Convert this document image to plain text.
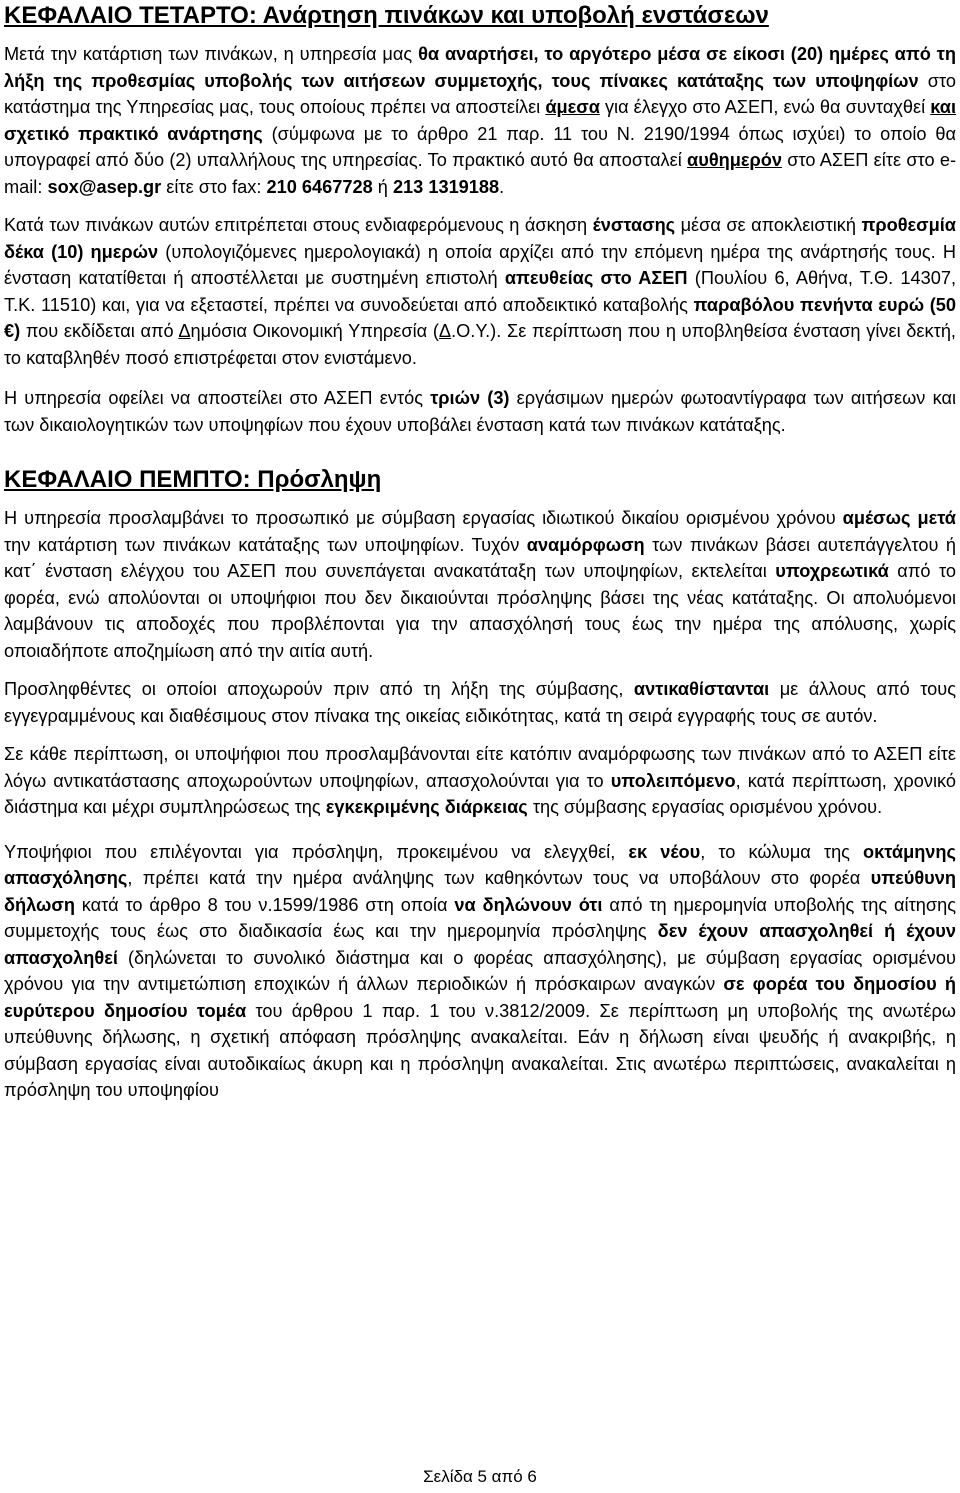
ΚΕΦΑΛΑΙΟ ΤΕΤΑΡΤΟ: Ανάρτηση πινάκων και υποβολή ενστάσεων

Μετά την κατάρτιση των πινάκων, η υπηρεσία μας θα αναρτήσει, το αργότερο μέσα σε είκοσι (20) ημέρες από τη λήξη της προθεσμίας υποβολής των αιτήσεων συμμετοχής, τους πίνακες κατάταξης των υποψηφίων στο κατάστημα της Υπηρεσίας μας, τους οποίους πρέπει να αποστείλει άμεσα για έλεγχο στο ΑΣΕΠ, ενώ θα συνταχθεί και σχετικό πρακτικό ανάρτησης (σύμφωνα με το άρθρο 21 παρ. 11 του Ν. 2190/1994 όπως ισχύει) το οποίο θα υπογραφεί από δύο (2) υπαλλήλους της υπηρεσίας. Το πρακτικό αυτό θα αποσταλεί αυθημερόν στο ΑΣΕΠ είτε στο e-mail: sox@asep.gr είτε στο fax: 210 6467728 ή 213 1319188.

Κατά των πινάκων αυτών επιτρέπεται στους ενδιαφερόμενους η άσκηση ένστασης μέσα σε αποκλειστική προθεσμία δέκα (10) ημερών (υπολογιζόμενες ημερολογιακά) η οποία αρχίζει από την επόμενη ημέρα της ανάρτησής τους. Η ένσταση κατατίθεται ή αποστέλλεται με συστημένη επιστολή απευθείας στο ΑΣΕΠ (Πουλίου 6, Αθήνα, Τ.Θ. 14307, Τ.Κ. 11510) και, για να εξεταστεί, πρέπει να συνοδεύεται από αποδεικτικό καταβολής παραβόλου πενήντα ευρώ (50 €) που εκδίδεται από Δημόσια Οικονομική Υπηρεσία (Δ.Ο.Υ.). Σε περίπτωση που η υποβληθείσα ένσταση γίνει δεκτή, το καταβληθέν ποσό επιστρέφεται στον ενιστάμενο.

Η υπηρεσία οφείλει να αποστείλει στο ΑΣΕΠ εντός τριών (3) εργάσιμων ημερών φωτοαντίγραφα των αιτήσεων και των δικαιολογητικών των υποψηφίων που έχουν υποβάλει ένσταση κατά των πινάκων κατάταξης.

ΚΕΦΑΛΑΙΟ ΠΕΜΠΤΟ: Πρόσληψη

Η υπηρεσία προσλαμβάνει το προσωπικό με σύμβαση εργασίας ιδιωτικού δικαίου ορισμένου χρόνου αμέσως μετά την κατάρτιση των πινάκων κατάταξης των υποψηφίων. Τυχόν αναμόρφωση των πινάκων βάσει αυτεπάγγελτου ή κατ΄ ένσταση ελέγχου του ΑΣΕΠ που συνεπάγεται ανακατάταξη των υποψηφίων, εκτελείται υποχρεωτικά από το φορέα, ενώ απολύονται οι υποψήφιοι που δεν δικαιούνται πρόσληψης βάσει της νέας κατάταξης. Οι απολυόμενοι λαμβάνουν τις αποδοχές που προβλέπονται για την απασχόλησή τους έως την ημέρα της απόλυσης, χωρίς οποιαδήποτε αποζημίωση από την αιτία αυτή.

Προσληφθέντες οι οποίοι αποχωρούν πριν από τη λήξη της σύμβασης, αντικαθίστανται με άλλους από τους εγγεγραμμένους και διαθέσιμους στον πίνακα της οικείας ειδικότητας, κατά τη σειρά εγγραφής τους σε αυτόν.

Σε κάθε περίπτωση, οι υποψήφιοι που προσλαμβάνονται είτε κατόπιν αναμόρφωσης των πινάκων από το ΑΣΕΠ είτε λόγω αντικατάστασης αποχωρούντων υποψηφίων, απασχολούνται για το υπολειπόμενο, κατά περίπτωση, χρονικό διάστημα και μέχρι συμπληρώσεως της εγκεκριμένης διάρκειας της σύμβασης εργασίας ορισμένου χρόνου.

Υποψήφιοι που επιλέγονται για πρόσληψη, προκειμένου να ελεγχθεί, εκ νέου, το κώλυμα της οκτάμηνης απασχόλησης, πρέπει κατά την ημέρα ανάληψης των καθηκόντων τους να υποβάλουν στο φορέα υπεύθυνη δήλωση κατά το άρθρο 8 του ν.1599/1986 στη οποία να δηλώνουν ότι από τη ημερομηνία υποβολής της αίτησης συμμετοχής τους έως στο διαδικασία έως και την ημερομηνία πρόσληψης δεν έχουν απασχοληθεί ή έχουν απασχοληθεί (δηλώνεται το συνολικό διάστημα και ο φορέας απασχόλησης), με σύμβαση εργασίας ορισμένου χρόνου για την αντιμετώπιση εποχικών ή άλλων περιοδικών ή πρόσκαιρων αναγκών σε φορέα του δημοσίου ή ευρύτερου δημοσίου τομέα του άρθρου 1 παρ. 1 του ν.3812/2009. Σε περίπτωση μη υποβολής της ανωτέρω υπεύθυνης δήλωσης, η σχετική απόφαση πρόσληψης ανακαλείται. Εάν η δήλωση είναι ψευδής ή ανακριβής, η σύμβαση εργασίας είναι αυτοδικαίως άκυρη και η πρόσληψη ανακαλείται. Στις ανωτέρω περιπτώσεις, ανακαλείται η πρόσληψη του υποψηφίου

Σελίδα 5 από 6
